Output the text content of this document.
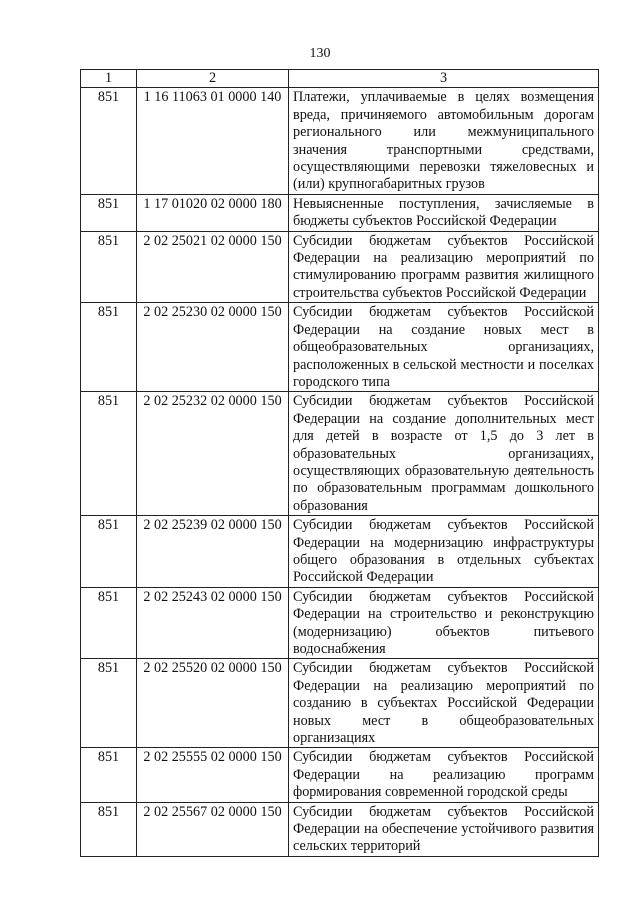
130
1	2	3
851	1 16 11063 01 0000 140	Платежи, уплачиваемые в целях возмещения вреда, причиняемого автомобильным дорогам регионального или межмуниципального значения транспортными средствами, осуществляющими перевозки тяжеловесных и (или) крупногабаритных грузов
851	1 17 01020 02 0000 180	Невыясненные поступления, зачисляемые в бюджеты субъектов Российской Федерации
851	2 02 25021 02 0000 150	Субсидии бюджетам субъектов Российской Федерации на реализацию мероприятий по стимулированию программ развития жилищного строительства субъектов Российской Федерации
851	2 02 25230 02 0000 150	Субсидии бюджетам субъектов Российской Федерации на создание новых мест в общеобразовательных организациях, расположенных в сельской местности и поселках городского типа
851	2 02 25232 02 0000 150	Субсидии бюджетам субъектов Российской Федерации на создание дополнительных мест для детей в возрасте от 1,5 до 3 лет в образовательных организациях, осуществляющих образовательную деятельность по образовательным программам дошкольного образования
851	2 02 25239 02 0000 150	Субсидии бюджетам субъектов Российской Федерации на модернизацию инфраструктуры общего образования в отдельных субъектах Российской Федерации
851	2 02 25243 02 0000 150	Субсидии бюджетам субъектов Российской Федерации на строительство и реконструкцию (модернизацию) объектов питьевого водоснабжения
851	2 02 25520 02 0000 150	Субсидии бюджетам субъектов Российской Федерации на реализацию мероприятий по созданию в субъектах Российской Федерации новых мест в общеобразовательных организациях
851	2 02 25555 02 0000 150	Субсидии бюджетам субъектов Российской Федерации на реализацию программ формирования современной городской среды
851	2 02 25567 02 0000 150	Субсидии бюджетам субъектов Российской Федерации на обеспечение устойчивого развития сельских территорий
